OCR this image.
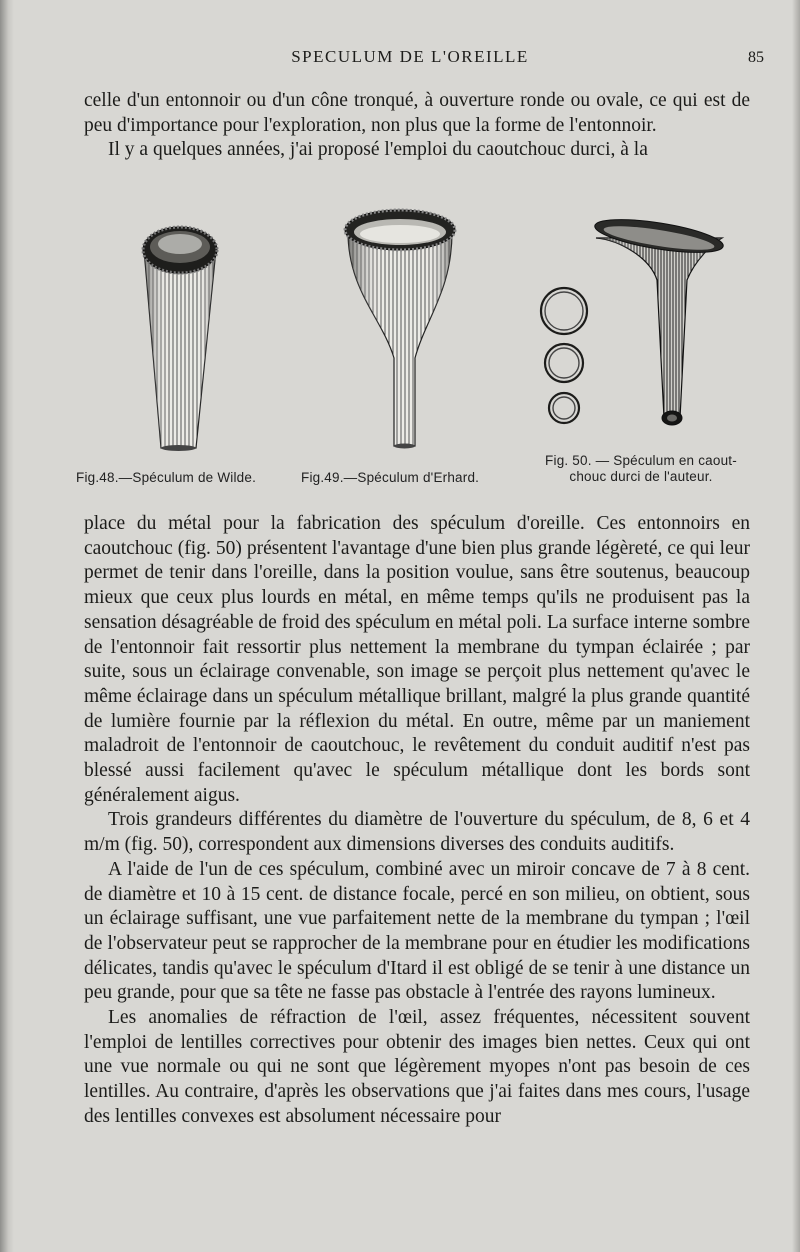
SPECULUM DE L'OREILLE	85

celle d'un entonnoir ou d'un cône tronqué, à ouverture ronde ou ovale, ce qui est de peu d'importance pour l'exploration, non plus que la forme de l'entonnoir.

Il y a quelques années, j'ai proposé l'emploi du caoutchouc durci, à la

Fig.48.—Spéculum de Wilde.	Fig.49.—Spéculum d'Erhard.
Fig. 50. — Spéculum en caout-
chouc durci de l'auteur.

place du métal pour la fabrication des spéculum d'oreille. Ces entonnoirs en caoutchouc (fig. 50) présentent l'avantage d'une bien plus grande légèreté, ce qui leur permet de tenir dans l'oreille, dans la position voulue, sans être soutenus, beaucoup mieux que ceux plus lourds en métal, en même temps qu'ils ne produisent pas la sensation désagréable de froid des spéculum en métal poli. La surface interne sombre de l'entonnoir fait ressortir plus nettement la membrane du tympan éclairée ; par suite, sous un éclairage convenable, son image se perçoit plus nettement qu'avec le même éclairage dans un spéculum métallique brillant, malgré la plus grande quantité de lumière fournie par la réflexion du métal. En outre, même par un maniement maladroit de l'entonnoir de caoutchouc, le revêtement du conduit auditif n'est pas blessé aussi facilement qu'avec le spéculum métallique dont les bords sont généralement aigus.

Trois grandeurs différentes du diamètre de l'ouverture du spéculum, de 8, 6 et 4 m/m (fig. 50), correspondent aux dimensions diverses des conduits auditifs.

A l'aide de l'un de ces spéculum, combiné avec un miroir concave de 7 à 8 cent. de diamètre et 10 à 15 cent. de distance focale, percé en son milieu, on obtient, sous un éclairage suffisant, une vue parfaitement nette de la membrane du tympan ; l'œil de l'observateur peut se rapprocher de la membrane pour en étudier les modifications délicates, tandis qu'avec le spéculum d'Itard il est obligé de se tenir à une distance un peu grande, pour que sa tête ne fasse pas obstacle à l'entrée des rayons lumineux.

Les anomalies de réfraction de l'œil, assez fréquentes, nécessitent souvent l'emploi de lentilles correctives pour obtenir des images bien nettes. Ceux qui ont une vue normale ou qui ne sont que légèrement myopes n'ont pas besoin de ces lentilles. Au contraire, d'après les observations que j'ai faites dans mes cours, l'usage des lentilles convexes est absolument nécessaire pour
